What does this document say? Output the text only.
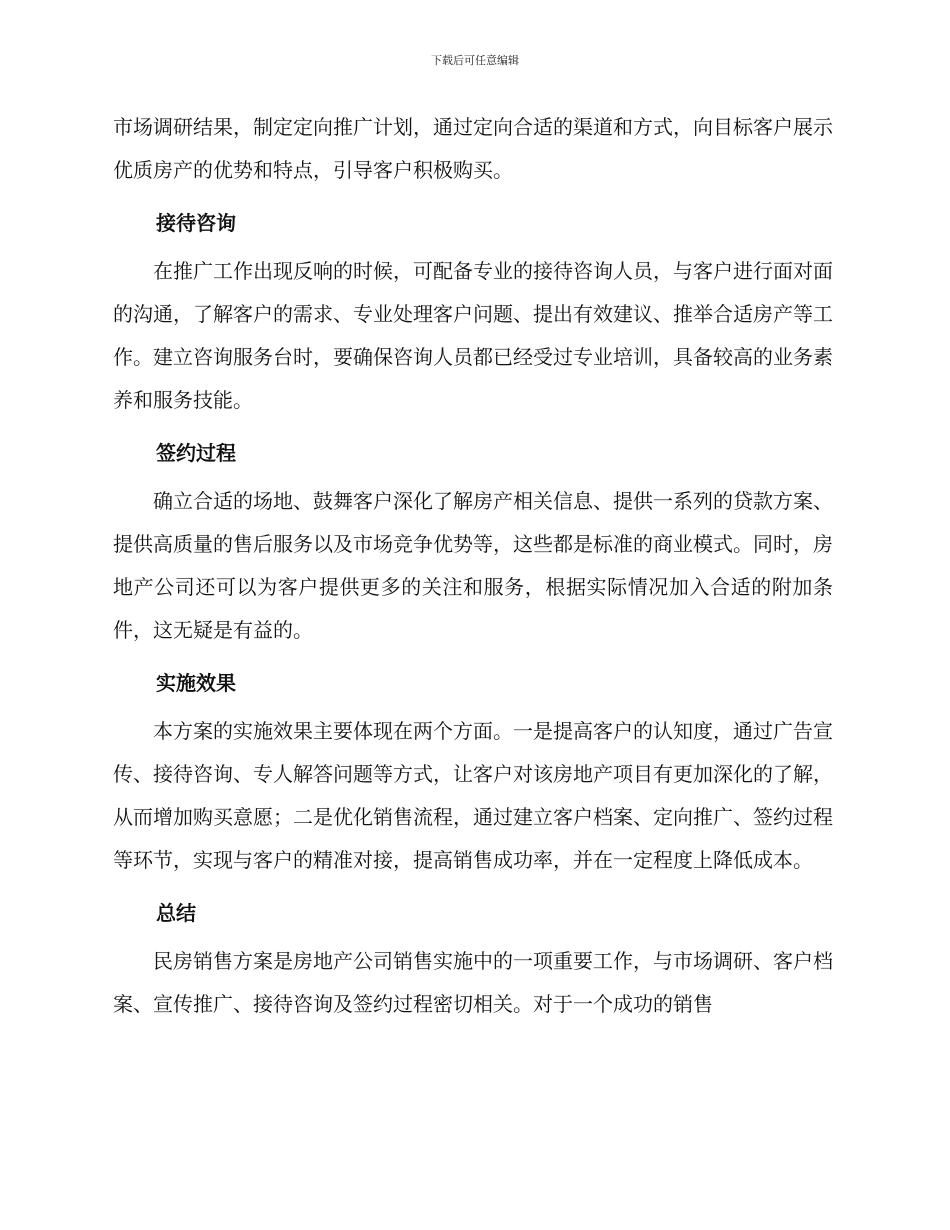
下载后可任意编辑

市场调研结果，制定定向推广计划，通过定向合适的渠道和方式，向目标客户展示优质房产的优势和特点，引导客户积极购买。

接待咨询

在推广工作出现反响的时候，可配备专业的接待咨询人员，与客户进行面对面的沟通，了解客户的需求、专业处理客户问题、提出有效建议、推举合适房产等工作。建立咨询服务台时，要确保咨询人员都已经受过专业培训，具备较高的业务素养和服务技能。

签约过程

确立合适的场地、鼓舞客户深化了解房产相关信息、提供一系列的贷款方案、提供高质量的售后服务以及市场竞争优势等，这些都是标准的商业模式。同时，房地产公司还可以为客户提供更多的关注和服务，根据实际情况加入合适的附加条件，这无疑是有益的。

实施效果

本方案的实施效果主要体现在两个方面。一是提高客户的认知度，通过广告宣传、接待咨询、专人解答问题等方式，让客户对该房地产项目有更加深化的了解，从而增加购买意愿；二是优化销售流程，通过建立客户档案、定向推广、签约过程等环节，实现与客户的精准对接，提高销售成功率，并在一定程度上降低成本。

总结

民房销售方案是房地产公司销售实施中的一项重要工作，与市场调研、客户档案、宣传推广、接待咨询及签约过程密切相关。对于一个成功的销售
